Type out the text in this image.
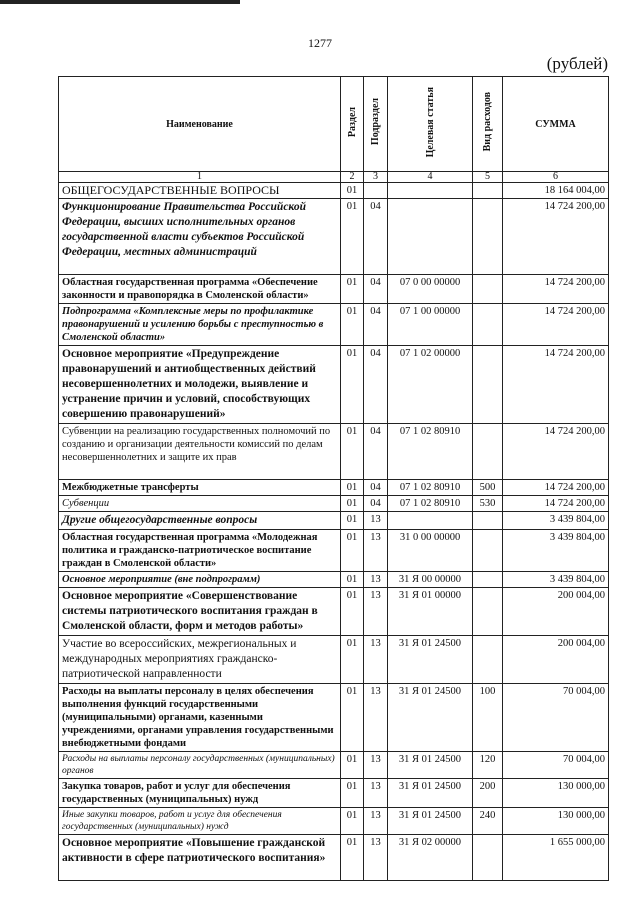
1277
(рублей)
Наименование	Раздел	Подраздел	Целевая статья	Вид расходов	СУММА
1	2	3	4	5	6
ОБЩЕГОСУДАРСТВЕННЫЕ ВОПРОСЫ	01				18 164 004,00
Функционирование Правительства Российской Федерации, высших исполнительных органов государственной власти субъектов Российской Федерации, местных администраций	01	04			14 724 200,00
Областная государственная программа «Обеспечение законности и правопорядка в Смоленской области»	01	04	07 0 00 00000		14 724 200,00
Подпрограмма «Комплексные меры по профилактике правонарушений и усилению борьбы с преступностью в Смоленской области»	01	04	07 1 00 00000		14 724 200,00
Основное мероприятие «Предупреждение правонарушений и антиобщественных действий несовершеннолетних и молодежи, выявление и устранение причин и условий, способствующих совершению правонарушений»	01	04	07 1 02 00000		14 724 200,00
Субвенции на реализацию государственных полномочий по созданию и организации деятельности комиссий по делам несовершеннолетних и защите их прав	01	04	07 1 02 80910		14 724 200,00
Межбюджетные трансферты	01	04	07 1 02 80910	500	14 724 200,00
Субвенции	01	04	07 1 02 80910	530	14 724 200,00
Другие общегосударственные вопросы	01	13			3 439 804,00
Областная государственная программа «Молодежная политика и гражданско-патриотическое воспитание граждан в Смоленской области»	01	13	31 0 00 00000		3 439 804,00
Основное мероприятие (вне подпрограмм)	01	13	31 Я 00 00000		3 439 804,00
Основное мероприятие «Совершенствование системы патриотического воспитания граждан в Смоленской области, форм и методов работы»	01	13	31 Я 01 00000		200 004,00
Участие во всероссийских, межрегиональных и международных мероприятиях гражданско-патриотической направленности	01	13	31 Я 01 24500		200 004,00
Расходы на выплаты персоналу в целях обеспечения выполнения функций государственными (муниципальными) органами, казенными учреждениями, органами управления государственными внебюджетными фондами	01	13	31 Я 01 24500	100	70 004,00
Расходы на выплаты персоналу государственных (муниципальных) органов	01	13	31 Я 01 24500	120	70 004,00
Закупка товаров, работ и услуг для обеспечения государственных (муниципальных) нужд	01	13	31 Я 01 24500	200	130 000,00
Иные закупки товаров, работ и услуг для обеспечения государственных (муниципальных) нужд	01	13	31 Я 01 24500	240	130 000,00
Основное мероприятие «Повышение гражданской активности в сфере патриотического воспитания»	01	13	31 Я 02 00000		1 655 000,00
